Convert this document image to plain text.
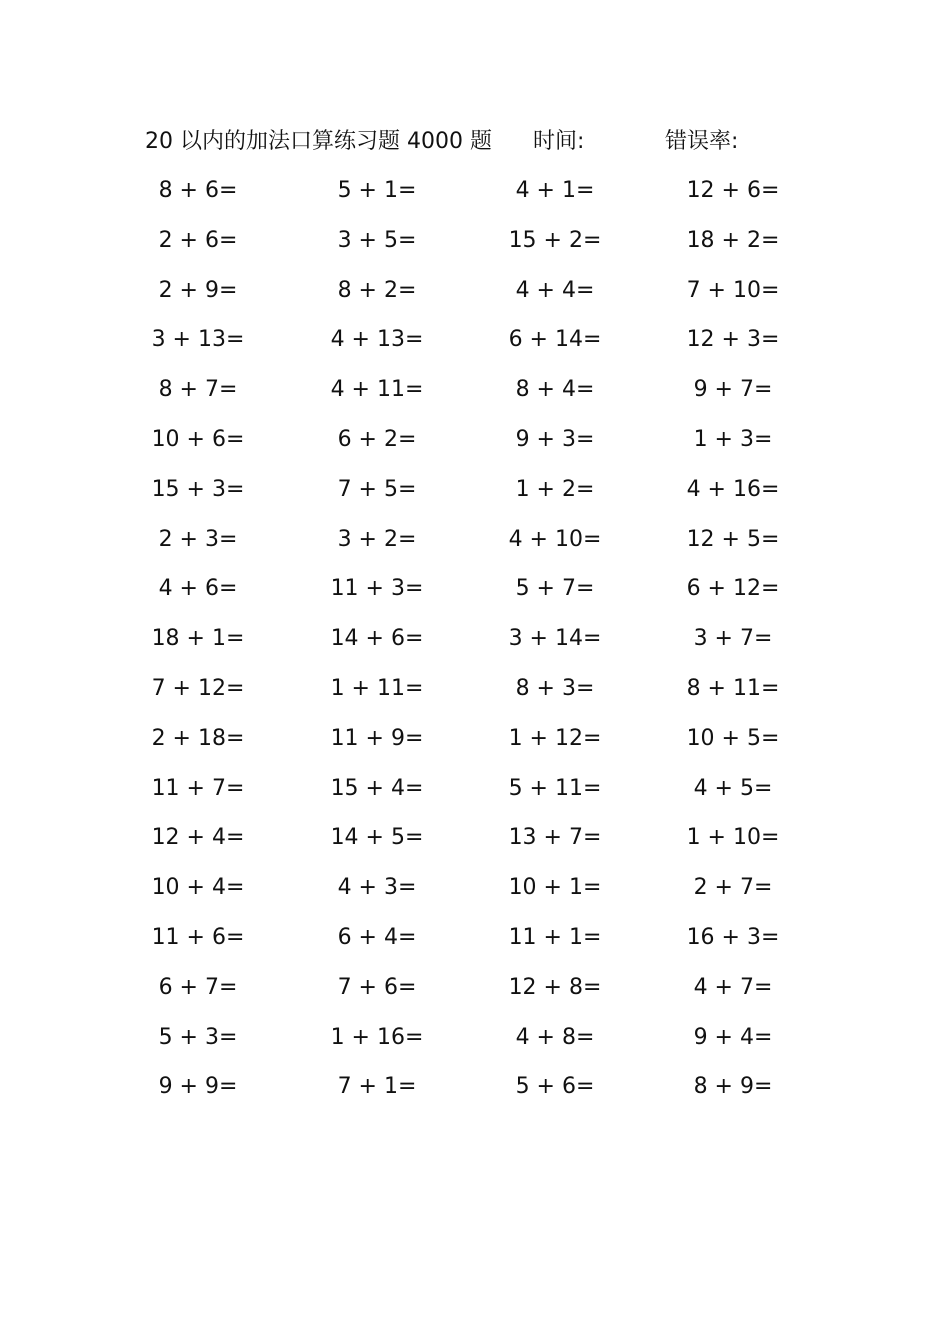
20 以内的加法口算练习题 4000 题 时间:	错误率:
8 + 6=	5 + 1=	4 + 1=	12 + 6=
2 + 6=	3 + 5=	15 + 2=	18 + 2=
2 + 9=	8 + 2=	4 + 4=	7 + 10=
3 + 13=	4 + 13=	6 + 14=	12 + 3=
8 + 7=	4 + 11=	8 + 4=	9 + 7=
10 + 6=	6 + 2=	9 + 3=	1 + 3=
15 + 3=	7 + 5=	1 + 2=	4 + 16=
2 + 3=	3 + 2=	4 + 10=	12 + 5=
4 + 6=	11 + 3=	5 + 7=	6 + 12=
18 + 1=	14 + 6=	3 + 14=	3 + 7=
7 + 12=	1 + 11=	8 + 3=	8 + 11=
2 + 18=	11 + 9=	1 + 12=	10 + 5=
11 + 7=	15 + 4=	5 + 11=	4 + 5=
12 + 4=	14 + 5=	13 + 7=	1 + 10=
10 + 4=	4 + 3=	10 + 1=	2 + 7=
11 + 6=	6 + 4=	11 + 1=	16 + 3=
6 + 7=	7 + 6=	12 + 8=	4 + 7=
5 + 3=	1 + 16=	4 + 8=	9 + 4=
9 + 9=	7 + 1=	5 + 6=	8 + 9=
